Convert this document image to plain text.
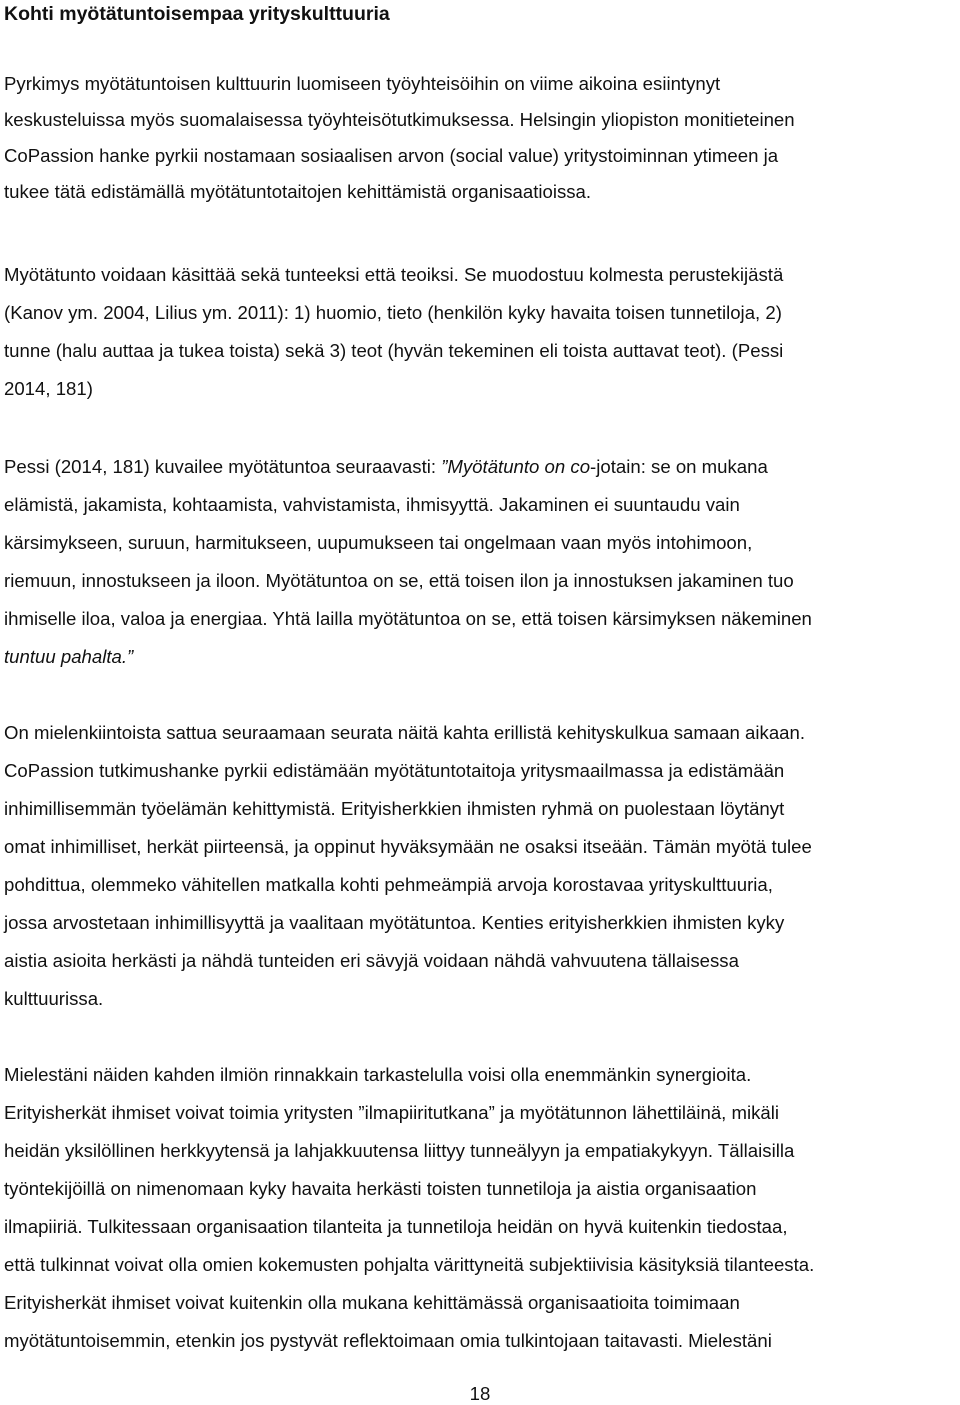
Kohti myötätuntoisempaa yrityskulttuuria
Pyrkimys myötätuntoisen kulttuurin luomiseen työyhteisöihin on viime aikoina esiintynyt
keskusteluissa myös suomalaisessa työyhteisötutkimuksessa. Helsingin yliopiston monitieteinen
CoPassion hanke pyrkii nostamaan sosiaalisen arvon (social value) yritystoiminnan ytimeen ja
tukee tätä edistämällä myötätuntotaitojen kehittämistä organisaatioissa.
Myötätunto voidaan käsittää sekä tunteeksi että teoiksi. Se muodostuu kolmesta perustekijästä
(Kanov ym. 2004, Lilius ym. 2011): 1) huomio, tieto (henkilön kyky havaita toisen tunnetiloja, 2)
tunne (halu auttaa ja tukea toista) sekä 3) teot (hyvän tekeminen eli toista auttavat teot). (Pessi
2014, 181)
Pessi (2014, 181) kuvailee myötätuntoa seuraavasti: ”Myötätunto on co-jotain: se on mukana
elämistä, jakamista, kohtaamista, vahvistamista, ihmisyyttä. Jakaminen ei suuntaudu vain
kärsimykseen, suruun, harmitukseen, uupumukseen tai ongelmaan vaan myös intohimoon,
riemuun, innostukseen ja iloon. Myötätuntoa on se, että toisen ilon ja innostuksen jakaminen tuo
ihmiselle iloa, valoa ja energiaa. Yhtä lailla myötätuntoa on se, että toisen kärsimyksen näkeminen
tuntuu pahalta.”
On mielenkiintoista sattua seuraamaan seurata näitä kahta erillistä kehityskulkua samaan aikaan.
CoPassion tutkimushanke pyrkii edistämään myötätuntotaitoja yritysmaailmassa ja edistämään
inhimillisemmän työelämän kehittymistä. Erityisherkkien ihmisten ryhmä on puolestaan löytänyt
omat inhimilliset, herkät piirteensä, ja oppinut hyväksymään ne osaksi itseään. Tämän myötä tulee
pohdittua, olemmeko vähitellen matkalla kohti pehmeämpiä arvoja korostavaa yrityskulttuuria,
jossa arvostetaan inhimillisyyttä ja vaalitaan myötätuntoa. Kenties erityisherkkien ihmisten kyky
aistia asioita herkästi ja nähdä tunteiden eri sävyjä voidaan nähdä vahvuutena tällaisessa
kulttuurissa.
Mielestäni näiden kahden ilmiön rinnakkain tarkastelulla voisi olla enemmänkin synergioita.
Erityisherkät ihmiset voivat toimia yritysten ”ilmapiiritutkana” ja myötätunnon lähettiläinä, mikäli
heidän yksilöllinen herkkyytensä ja lahjakkuutensa liittyy tunneälyyn ja empatiakykyyn. Tällaisilla
työntekijöillä on nimenomaan kyky havaita herkästi toisten tunnetiloja ja aistia organisaation
ilmapiiriä. Tulkitessaan organisaation tilanteita ja tunnetiloja heidän on hyvä kuitenkin tiedostaa,
että tulkinnat voivat olla omien kokemusten pohjalta värittyneitä subjektiivisia käsityksiä tilanteesta.
Erityisherkät ihmiset voivat kuitenkin olla mukana kehittämässä organisaatioita toimimaan
myötätuntoisemmin, etenkin jos pystyvät reflektoimaan omia tulkintojaan taitavasti. Mielestäni
18
